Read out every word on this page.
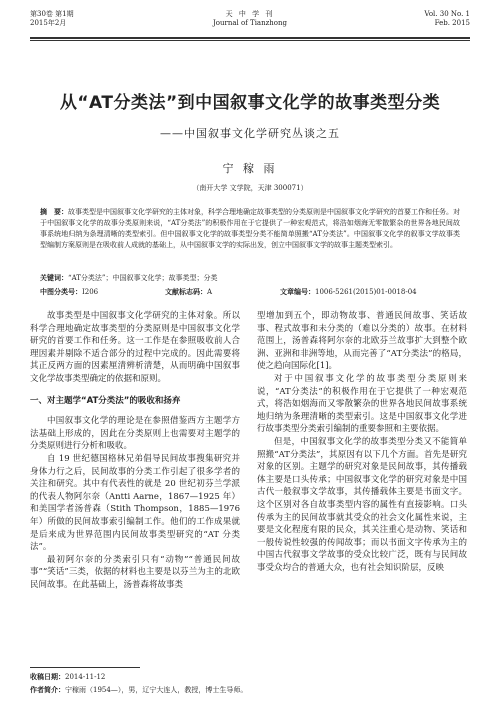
第30卷 第1期
2015年2月
天 中 学 刊
Journal of Tianzhong
Vol. 30 No. 1
Feb. 2015
从“AT分类法”到中国叙事文化学的故事类型分类
——中国叙事文化学研究丛谈之五
宁 稼 雨
（南开大学 文学院，天津 300071）
摘　要：故事类型是中国叙事文化学研究的主体对象，科学合理地确定故事类型的分类原则是中国叙事文化学研究的首要工作和任务。对于中国叙事文化学的故事分类原则来说，“AT分类法”的积极作用在于它提供了一种宏观范式，将浩如烟海无零散繁杂的世界各地民间故事系统地归纳为条理清晰的类型索引。但中国叙事文化学的故事类型分类不能简单照搬“AT分类法”。中国叙事文化学的叙事文学故事类型编制方案原则是在吸收前人成就的基础上，从中国叙事文学的实际出发，创立中国叙事文学的故事主题类型索引。
关键词：“AT分类法”；中国叙事文化学；故事类型；分类
中图分类号：I206	文献标志码：A	文章编号：1006-5261(2015)01-0018-04

故事类型是中国叙事文化学研究的主体对象。所以科学合理地确定故事类型的分类原则是中国叙事文化学研究的首要工作和任务。这一工作是在参照吸收前人合理因素并剔除不适合部分的过程中完成的。因此需要将其正反两方面的因素厘清辨析清楚，从而明确中国叙事文化学故事类型确定的依据和原则。

一、对主题学“AT分类法”的吸收和扬弃

中国叙事文化学的理论是在参照借鉴西方主题学方法基础上形成的，因此在分类原则上也需要对主题学的分类原则进行分析和吸收。

自 19 世纪德国格林兄弟倡导民间故事搜集研究并身体力行之后，民间故事的分类工作引起了很多学者的关注和研究。其中有代表性的就是 20 世纪初芬兰学派的代表人物阿尔奈（Antti Aarne，1867—1925 年）和美国学者汤普森（Stith Thompson，1885—1976 年）所做的民间故事索引编制工作。他们的工作成果就是后来成为世界范围内民间故事类型研究的“AT 分类法”。

最初阿尔奈的分类索引只有“动物”“普通民间故事”“笑话”三类，依据的材料也主要是以芬兰为主的北欧民间故事。在此基础上，汤普森将故事类

型增加到五个，即动物故事、普通民间故事、笑话故事、程式故事和未分类的（难以分类的）故事。在材料范围上，汤普森将阿尔奈的北欧芬兰故事扩大到整个欧洲、亚洲和非洲等地，从而完善了“AT分类法”的格局，使之趋向国际化[1]。

对于中国叙事文化学的故事类型分类原则来说，“AT分类法”的积极作用在于它提供了一种宏观范式，将浩如烟海而又零散繁杂的世界各地民间故事系统地归纳为条理清晰的类型索引。这是中国叙事文化学进行故事类型分类索引编制的重要参照和主要依据。

但是，中国叙事文化学的故事类型分类又不能简单照搬“AT分类法”，其原因有以下几个方面。首先是研究对象的区别。主题学的研究对象是民间故事，其传播载体主要是口头传承；中国叙事文化学的研究对象是中国古代一般叙事文学故事，其传播载体主要是书面文字。这个区别对各自故事类型内容的属性有直接影响。口头传承为主的民间故事就其受众的社会文化属性来说，主要是文化程度有限的民众，其关注重心是动物、笑话和一般传说性较强的传闻故事；而以书面文字传承为主的中国古代叙事文学故事的受众比较广泛，既有与民间故事受众均合的普通大众，也有社会知识阶层，反映

收稿日期：2014-11-12
作者简介：宁稼雨（1954—），男，辽宁大连人，教授，博士生导师。
